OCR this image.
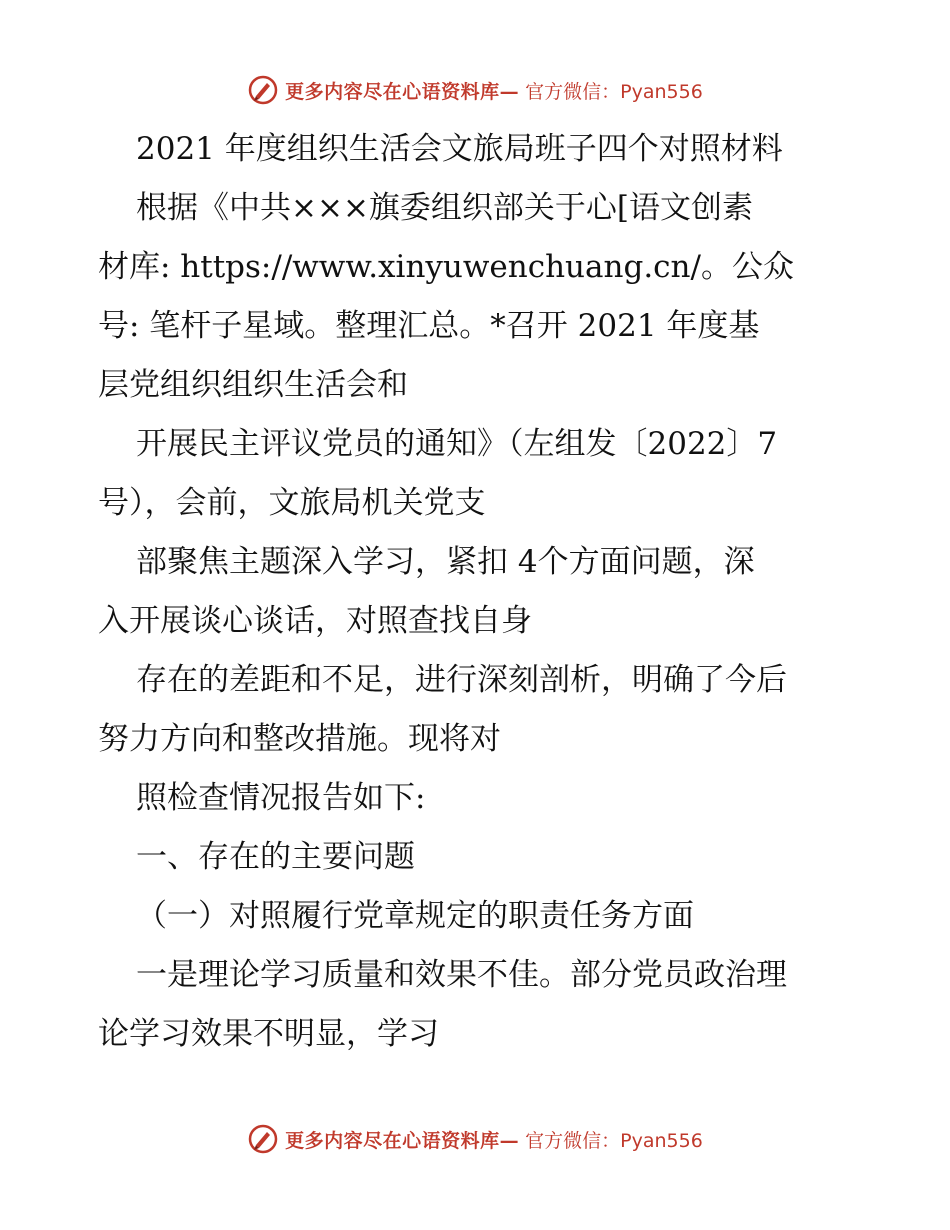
更多内容尽在心语资料库— 官方微信：Pyan556
2021 年度组织生活会文旅局班子四个对照材料
根据《中共×××旗委组织部关于心[语文创素
材库: https://www.xinyuwenchuang.cn/。公众
号: 笔杆子星域。整理汇总。*召开 2021 年度基
层党组织组织生活会和
开展民主评议党员的通知》（左组发〔2022〕7
号），会前，文旅局机关党支
部聚焦主题深入学习，紧扣 4个方面问题，深
入开展谈心谈话，对照查找自身
存在的差距和不足，进行深刻剖析，明确了今后
努力方向和整改措施。现将对
照检查情况报告如下:
一、存在的主要问题
（一）对照履行党章规定的职责任务方面
一是理论学习质量和效果不佳。部分党员政治理
论学习效果不明显，学习
更多内容尽在心语资料库— 官方微信：Pyan556
